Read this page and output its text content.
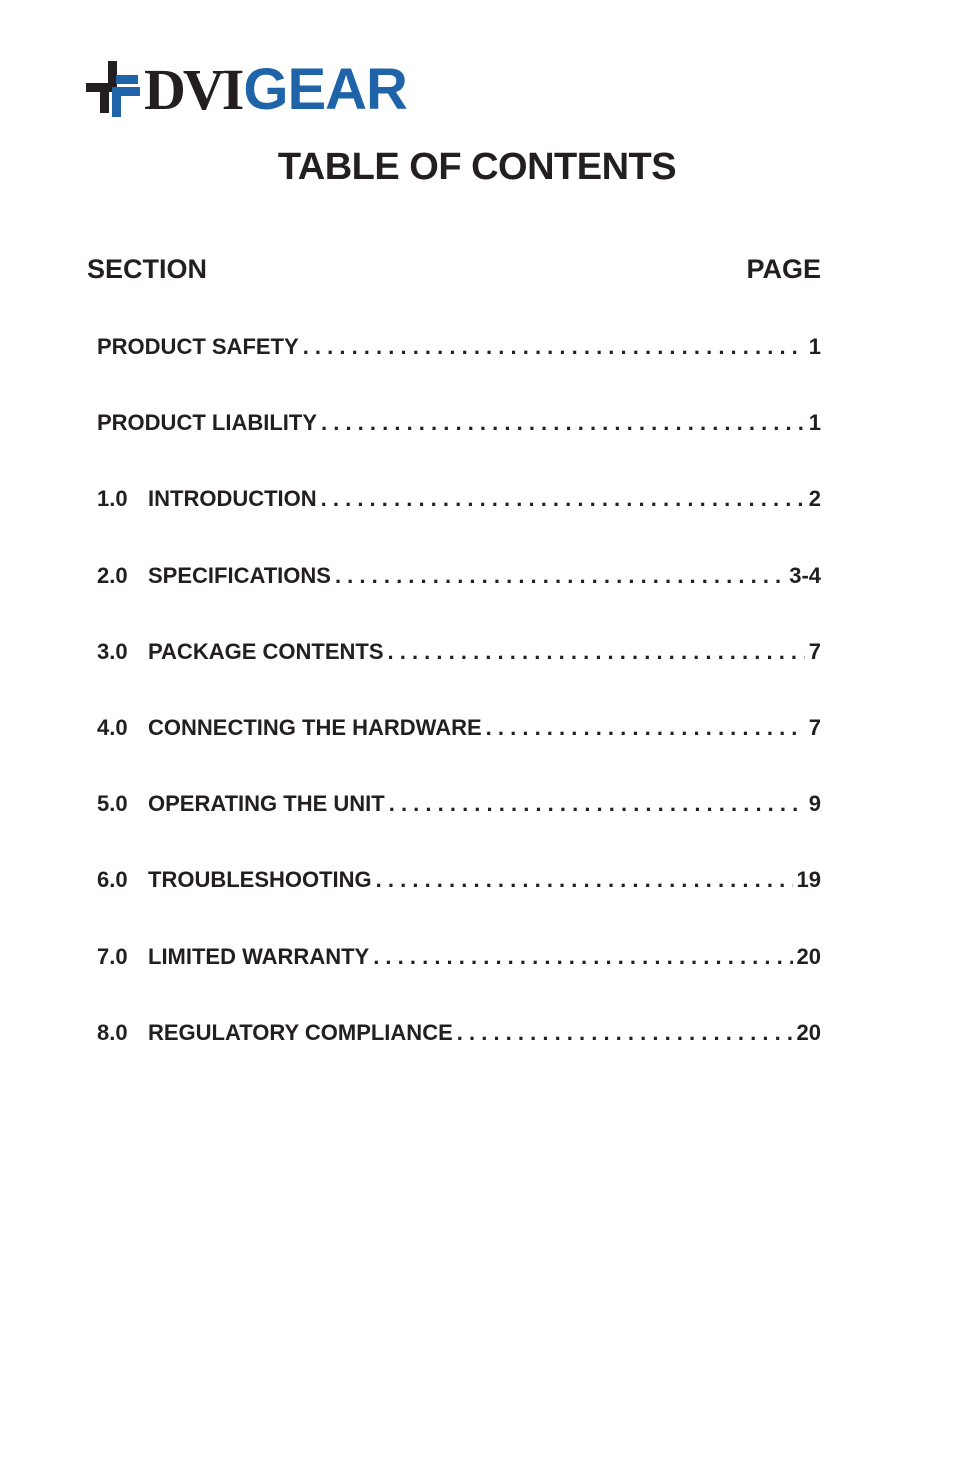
DVIGEAR
TABLE OF CONTENTS
SECTION	PAGE
PRODUCT SAFETY . . .	1
PRODUCT LIABILITY . . .	1
1.0 INTRODUCTION . . .	2
2.0 SPECIFICATIONS . . .	3-4
3.0 PACKAGE CONTENTS . . .	7
4.0 CONNECTING THE HARDWARE . . .	7
5.0 OPERATING THE UNIT . . .	9
6.0 TROUBLESHOOTING . . .	19
7.0 LIMITED WARRANTY . . .	20
8.0 REGULATORY COMPLIANCE . . .	20
